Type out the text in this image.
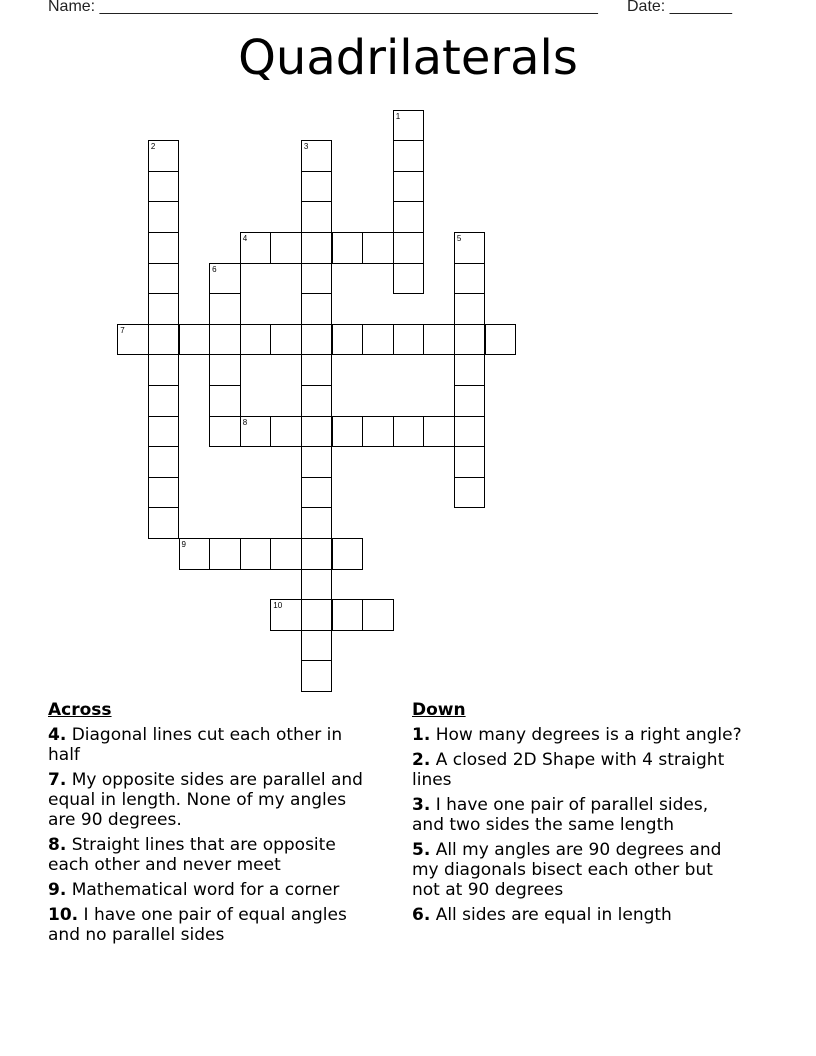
Name: ________________________________________________________ Date: _______
Quadrilaterals
1
2	3
4	5
6
7
8
9
10
Across
4. Diagonal lines cut each other in half
7. My opposite sides are parallel and equal in length. None of my angles are 90 degrees.
8. Straight lines that are opposite each other and never meet
9. Mathematical word for a corner
10. I have one pair of equal angles and no parallel sides
Down
1. How many degrees is a right angle?
2. A closed 2D Shape with 4 straight lines
3. I have one pair of parallel sides, and two sides the same length
5. All my angles are 90 degrees and my diagonals bisect each other but not at 90 degrees
6. All sides are equal in length
